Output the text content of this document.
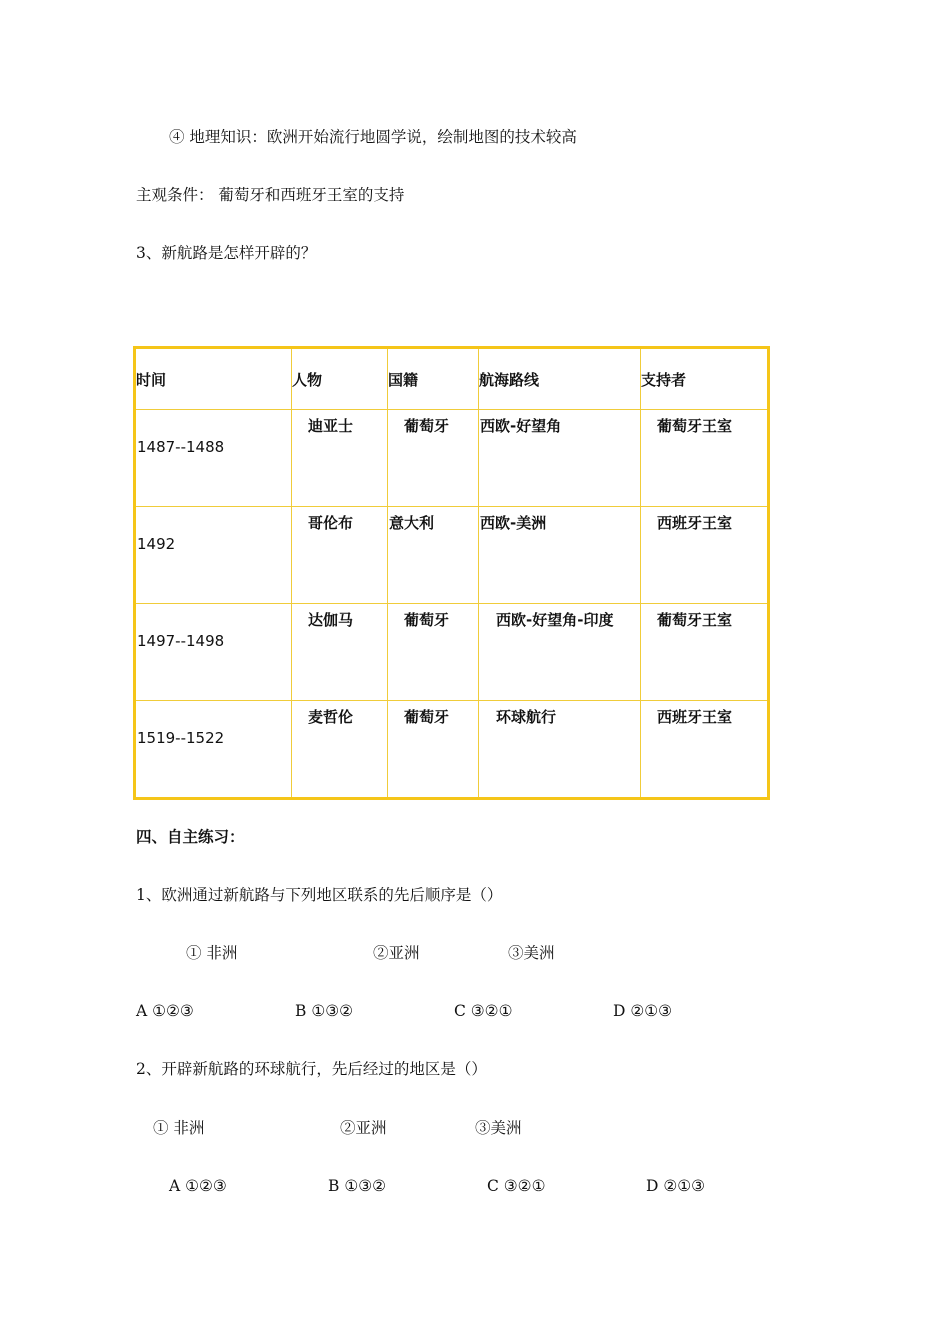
④ 地理知识：欧洲开始流行地圆学说，绘制地图的技术较高
主观条件： 葡萄牙和西班牙王室的支持
3、新航路是怎样开辟的？
时间	人物	国籍	航海路线	支持者

1487--1488	迪亚士	葡萄牙	西欧-好望角	葡萄牙王室

1492	哥伦布	意大利	西欧-美洲	西班牙王室

1497--1498	达伽马	葡萄牙	西欧-好望角-印度	葡萄牙王室

1519--1522	麦哲伦	葡萄牙	环球航行	西班牙王室
四、自主练习：
1、欧洲通过新航路与下列地区联系的先后顺序是（）
① 非洲	②亚洲	③美洲
A ①②③	B ①③②	C ③②①	D ②①③
2、开辟新航路的环球航行，先后经过的地区是（）
① 非洲	②亚洲	③美洲
A ①②③	B ①③②	C ③②①	D ②①③
